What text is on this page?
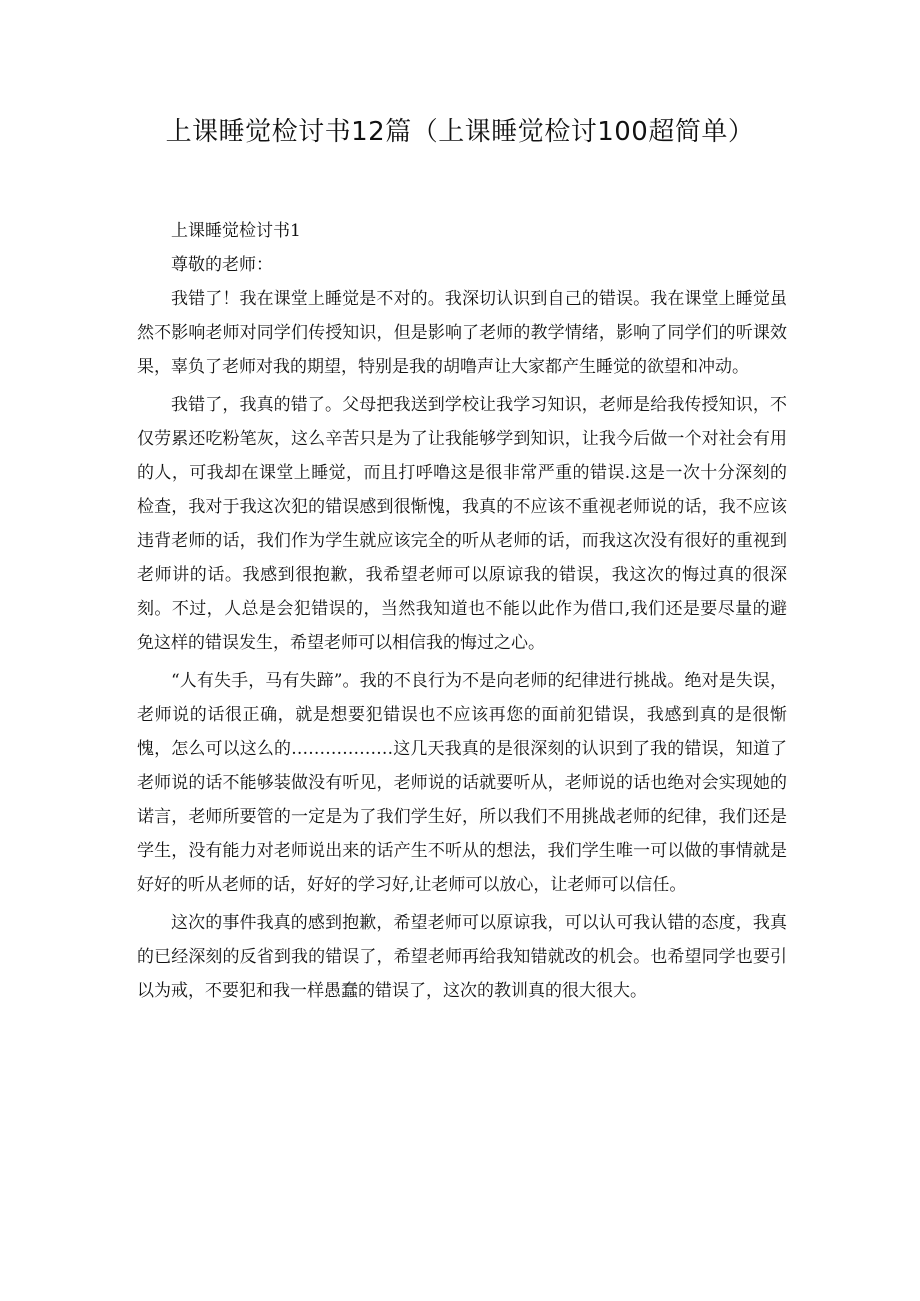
上课睡觉检讨书12篇（上课睡觉检讨100超简单）

上课睡觉检讨书1

尊敬的老师：

我错了！我在课堂上睡觉是不对的。我深切认识到自己的错误。我在课堂上睡觉虽然不影响老师对同学们传授知识，但是影响了老师的教学情绪，影响了同学们的听课效果，辜负了老师对我的期望，特别是我的胡噜声让大家都产生睡觉的欲望和冲动。

我错了，我真的错了。父母把我送到学校让我学习知识，老师是给我传授知识，不仅劳累还吃粉笔灰，这么辛苦只是为了让我能够学到知识，让我今后做一个对社会有用的人，可我却在课堂上睡觉，而且打呼噜这是很非常严重的错误.这是一次十分深刻的检查，我对于我这次犯的错误感到很惭愧，我真的不应该不重视老师说的话，我不应该违背老师的话，我们作为学生就应该完全的听从老师的话，而我这次没有很好的重视到老师讲的话。我感到很抱歉，我希望老师可以原谅我的错误，我这次的悔过真的很深刻。不过，人总是会犯错误的，当然我知道也不能以此作为借口,我们还是要尽量的避免这样的错误发生，希望老师可以相信我的悔过之心。

“人有失手，马有失蹄”。我的不良行为不是向老师的纪律进行挑战。绝对是失误，老师说的话很正确，就是想要犯错误也不应该再您的面前犯错误，我感到真的是很惭愧，怎么可以这么的………………这几天我真的是很深刻的认识到了我的错误，知道了老师说的话不能够装做没有听见，老师说的话就要听从，老师说的话也绝对会实现她的诺言，老师所要管的一定是为了我们学生好，所以我们不用挑战老师的纪律，我们还是学生，没有能力对老师说出来的话产生不听从的想法，我们学生唯一可以做的事情就是好好的听从老师的话，好好的学习好,让老师可以放心，让老师可以信任。

这次的事件我真的感到抱歉，希望老师可以原谅我，可以认可我认错的态度，我真的已经深刻的反省到我的错误了，希望老师再给我知错就改的机会。也希望同学也要引以为戒，不要犯和我一样愚蠢的错误了，这次的教训真的很大很大。
